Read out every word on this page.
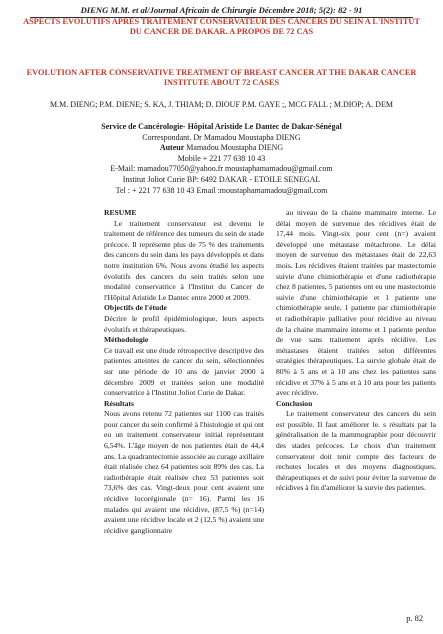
DIENG M.M. et al/Journal Africain de Chirurgie Décembre 2018; 5(2): 82 - 91
ASPECTS EVOLUTIFS APRES TRAITEMENT CONSERVATEUR DES CANCERS DU SEIN A L'INSTITUT DU CANCER DE DAKAR. A PROPOS DE 72 CAS
EVOLUTION AFTER CONSERVATIVE TREATMENT OF BREAST CANCER AT THE DAKAR CANCER INSTITUTE ABOUT 72 CASES
M.M. DIENG; P.M. DIENE; S. KA, J. THIAM; D. DIOUF P.M. GAYE ;, MCG FALL ; M.DIOP; A. DEM
Service de Cancérologie- Hôpital Aristide Le Dantec de Dakar-Sénégal
Correspondant. Dr Mamadou Moustapha DIENG
Auteur Mamadou Moustapha DIENG
Mobile + 221 77 638 10 43
E-Mail: mamadou77050@yahoo.fr moustaphamamadou@gmail.com
Institut Joliot Curie BP: 6492 DAKAR - ETOILE SENEGAL
Tel : + 221 77 638 10 43 Email :moustaphamamadou@gmail.com

RESUME

Le traitement conservateur est devenu le traitement de référence des tumeurs du sein de stade précoce. Il représente plus de 75 % des traitements des cancers du sein dans les pays développés et dans notre institution 6%. Nous avons étudié les aspects évolutifs des cancers du sein traités selon une modalité conservatrice à l'Institut du Cancer de l'Hôpital Aristide Le Dantec entre 2000 et 2009.

Objectifs de l'étude

Décrire le profil épidémiologique, leurs aspects évolutifs et thérapeutiques.

Méthodologie

Ce travail est une étude rétrospective descriptive des patientes atteintes de cancer du sein, sélectionnées sur une période de 10 ans de janvier 2000 à décembre 2009 et traitées selon une modalité conservatrice à l'Institut Joliot Curie de Dakar.

Résultats

Nous avons retenu 72 patientes sur 1100 cas traités pour cancer du sein confirmé à l'histologie et qui ont eu un traitement conservateur initial représentant 6,54%. L'âge moyen de nos patientes était de 44,4 ans. La quadrantectomie associée au curage axillaire était réalisée chez 64 patientes soit 89% des cas. La radiothérapie était réalisée chez 53 patientes soit 73,6% des cas. Vingt-deux pour cent avaient une récidive locorégionale (n= 16). Parmi les 16 malades qui avaient une récidive, (87,5 %) (n=14) avaient une récidive locale et 2 (12,5 %) avaient une récidive ganglionnaire

au niveau de la chaine mammaire interne. Le délai moyen de survenue des récidives était de 17,44 mois. Vingt-six pour cent (n=) avaient développé une métastase métachrone. Le délai moyen de survenue des métastases était de 22,63 mois. Les récidives étaient traitées par mastectomie suivie d'une chimiothérapie et d'une radiothérapie chez 8 patientes, 5 patientes ont eu une mastectomie suivie d'une chimiothérapie et 1 patiente une chimiothérapie seule, 1 patiente par chimiothérapie et radiothérapie palliative pour récidive au niveau de la chaine mammaire interne et 1 patiente perdue de vue sans traitement après récidive. Les métastases étaient traitées selon différentes stratégies thérapeutiques. La survie globale était de 80% à 5 ans et à 10 ans chez les patientes sans récidive et 37% à 5 ans et à 10 ans pour les patients avec récidive.

Conclusion

Le traitement conservateur des cancers du sein est possible. Il faut améliorer le. s résultats par la généralisation de la mammographie pour découvrir des stades précoces. Le choix d'un traitement conservateur doit tenir compte des facteurs de rechutes locales et des moyens diagnostiques, thérapeutiques et de suivi pour éviter la survenue de récidives à fin d'améliorer la survie des patientes.

p. 82
